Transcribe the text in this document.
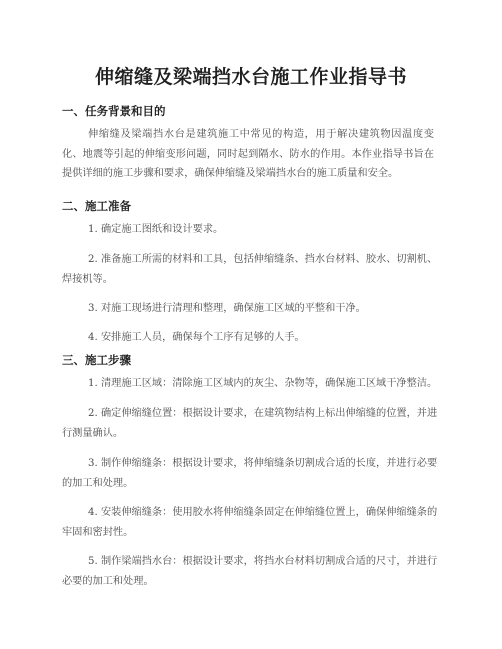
伸缩缝及梁端挡水台施工作业指导书
一、任务背景和目的
伸缩缝及梁端挡水台是建筑施工中常见的构造，用于解决建筑物因温度变化、地震等引起的伸缩变形问题，同时起到隔水、防水的作用。本作业指导书旨在提供详细的施工步骤和要求，确保伸缩缝及梁端挡水台的施工质量和安全。
二、施工准备
1. 确定施工图纸和设计要求。
2. 准备施工所需的材料和工具，包括伸缩缝条、挡水台材料、胶水、切割机、焊接机等。
3. 对施工现场进行清理和整理，确保施工区域的平整和干净。
4. 安排施工人员，确保每个工序有足够的人手。
三、施工步骤
1. 清理施工区域：清除施工区域内的灰尘、杂物等，确保施工区域干净整洁。
2. 确定伸缩缝位置：根据设计要求，在建筑物结构上标出伸缩缝的位置，并进行测量确认。
3. 制作伸缩缝条：根据设计要求，将伸缩缝条切割成合适的长度，并进行必要的加工和处理。
4. 安装伸缩缝条：使用胶水将伸缩缝条固定在伸缩缝位置上，确保伸缩缝条的牢固和密封性。
5. 制作梁端挡水台：根据设计要求，将挡水台材料切割成合适的尺寸，并进行必要的加工和处理。
